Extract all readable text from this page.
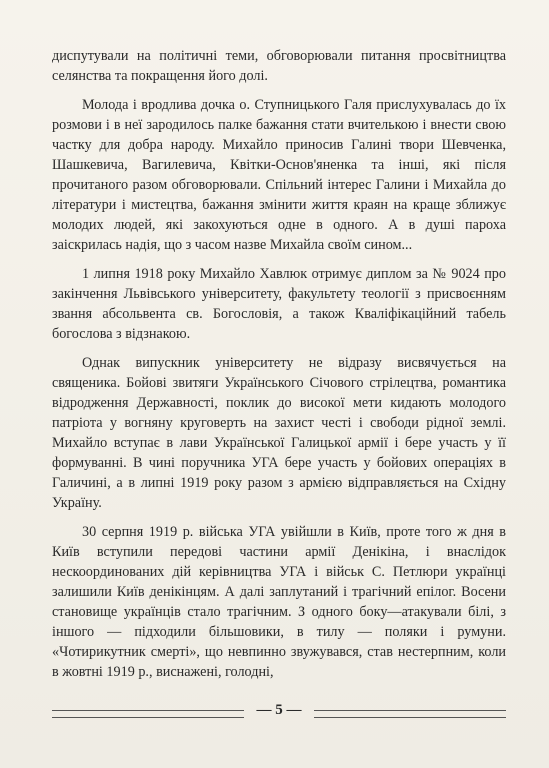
диспутували на політичні теми, обговорювали питання просвітництва селянства та покращення його долі.

Молода і вродлива дочка о. Ступницького Галя прислухувалась до їх розмови і в неї зародилось палке бажання стати вчителькою і внести свою частку для добра народу. Михайло приносив Галині твори Шевченка, Шашкевича, Вагилевича, Квітки-Основ'яненка та інші, які після прочитаного разом обговорювали. Спільний інтерес Галини і Михайла до літератури і мистецтва, бажання змінити життя краян на краще зближує молодих людей, які закохуються одне в одного. А в душі пароха заіскрилась надія, що з часом назве Михайла своїм сином...

1 липня 1918 року Михайло Хавлюк отримує диплом за № 9024 про закінчення Львівського університету, факультету теології з присвоєнням звання абсольвента св. Богословія, а також Кваліфікаційний табель богослова з відзнакою.

Однак випускник університету не відразу висвячується на священика. Бойові звитяги Українського Січового стрілецтва, романтика відродження Державності, поклик до високої мети кидають молодого патріота у вогняну круговерть на захист честі і свободи рідної землі. Михайло вступає в лави Української Галицької армії і бере участь у її формуванні. В чині поручника УГА бере участь у бойових операціях в Галичині, а в липні 1919 року разом з армією відправляється на Східну Україну.

30 серпня 1919 р. війська УГА увійшли в Київ, проте того ж дня в Київ вступили передові частини армії Денікіна, і внаслідок нескоординованих дій керівництва УГА і військ С. Петлюри українці залишили Київ денікінцям. А далі заплутаний і трагічний епілог. Восени становище українців стало трагічним. З одного боку—атакували білі, з іншого — підходили більшовики, в тилу — поляки і румуни. «Чотирикутник смерті», що невпинно звужувався, став нестерпним, коли в жовтні 1919 р., виснажені, голодні,

— 5 —
